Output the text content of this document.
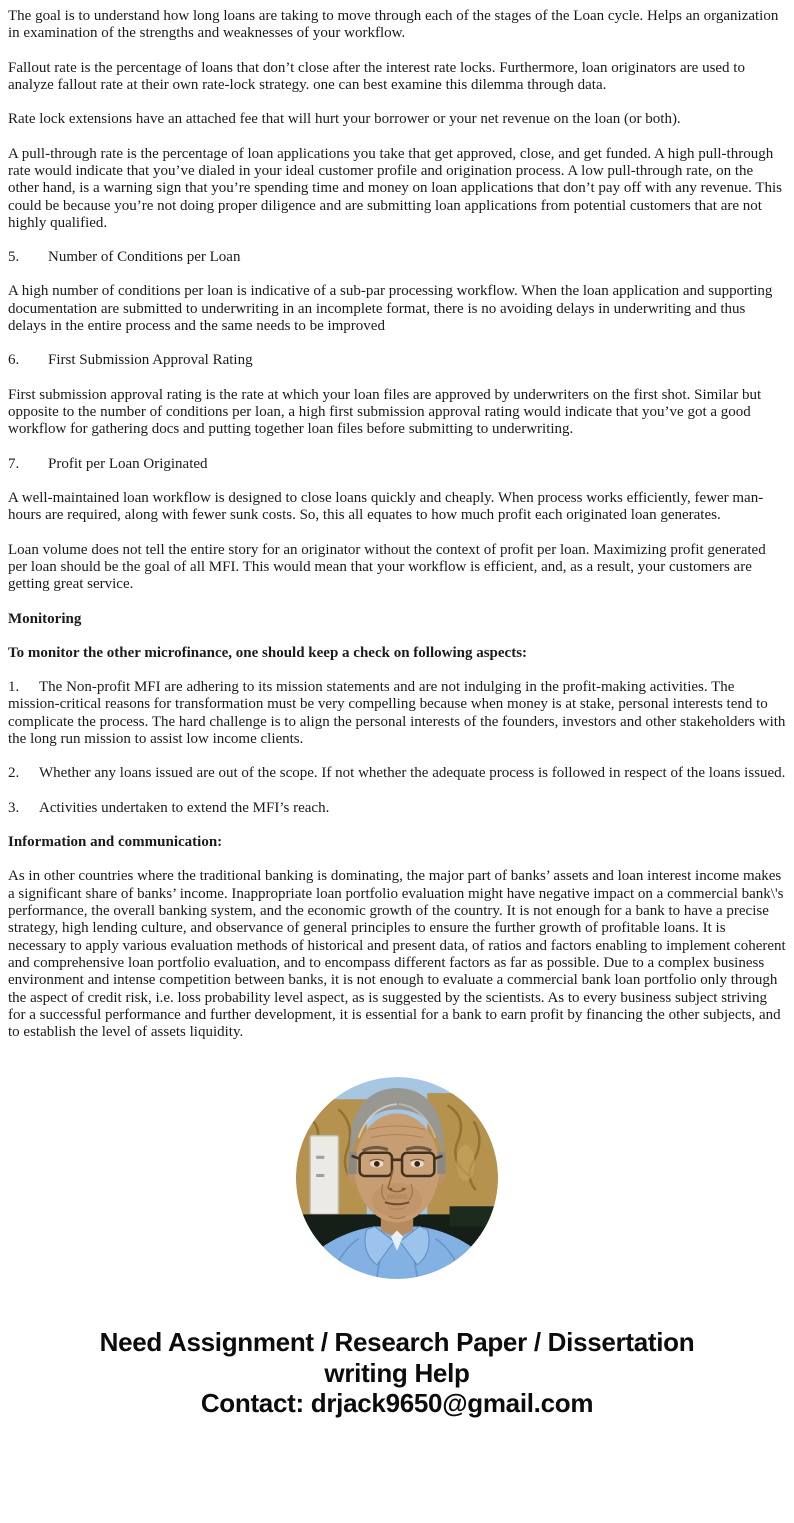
The goal is to understand how long loans are taking to move through each of the stages of the Loan cycle. Helps an organization in examination of the strengths and weaknesses of your workflow.

Fallout rate is the percentage of loans that don’t close after the interest rate locks. Furthermore, loan originators are used to analyze fallout rate at their own rate-lock strategy. one can best examine this dilemma through data.

Rate lock extensions have an attached fee that will hurt your borrower or your net revenue on the loan (or both).

A pull-through rate is the percentage of loan applications you take that get approved, close, and get funded. A high pull-through rate would indicate that you’ve dialed in your ideal customer profile and origination process. A low pull-through rate, on the other hand, is a warning sign that you’re spending time and money on loan applications that don’t pay off with any revenue. This could be because you’re not doing proper diligence and are submitting loan applications from potential customers that are not highly qualified.

5. Number of Conditions per Loan

A high number of conditions per loan is indicative of a sub-par processing workflow. When the loan application and supporting documentation are submitted to underwriting in an incomplete format, there is no avoiding delays in underwriting and thus delays in the entire process and the same needs to be improved

6. First Submission Approval Rating

First submission approval rating is the rate at which your loan files are approved by underwriters on the first shot. Similar but opposite to the number of conditions per loan, a high first submission approval rating would indicate that you’ve got a good workflow for gathering docs and putting together loan files before submitting to underwriting.

7. Profit per Loan Originated

A well-maintained loan workflow is designed to close loans quickly and cheaply. When process works efficiently, fewer man-hours are required, along with fewer sunk costs. So, this all equates to how much profit each originated loan generates.

Loan volume does not tell the entire story for an originator without the context of profit per loan. Maximizing profit generated per loan should be the goal of all MFI. This would mean that your workflow is efficient, and, as a result, your customers are getting great service.

Monitoring

To monitor the other microfinance, one should keep a check on following aspects:

1. The Non-profit MFI are adhering to its mission statements and are not indulging in the profit-making activities. The mission-critical reasons for transformation must be very compelling because when money is at stake, personal interests tend to complicate the process. The hard challenge is to align the personal interests of the founders, investors and other stakeholders with the long run mission to assist low income clients.

2. Whether any loans issued are out of the scope. If not whether the adequate process is followed in respect of the loans issued.

3. Activities undertaken to extend the MFI’s reach.

Information and communication:

As in other countries where the traditional banking is dominating, the major part of banks’ assets and loan interest income makes a significant share of banks’ income. Inappropriate loan portfolio evaluation might have negative impact on a commercial bank\'s performance, the overall banking system, and the economic growth of the country. It is not enough for a bank to have a precise strategy, high lending culture, and observance of general principles to ensure the further growth of profitable loans. It is necessary to apply various evaluation methods of historical and present data, of ratios and factors enabling to implement coherent and comprehensive loan portfolio evaluation, and to encompass different factors as far as possible. Due to a complex business environment and intense competition between banks, it is not enough to evaluate a commercial bank loan portfolio only through the aspect of credit risk, i.e. loss probability level aspect, as is suggested by the scientists. As to every business subject striving for a successful performance and further development, it is essential for a bank to earn profit by financing the other subjects, and to establish the level of assets liquidity.

Need Assignment / Research Paper / Dissertation
writing Help
Contact: drjack9650@gmail.com
